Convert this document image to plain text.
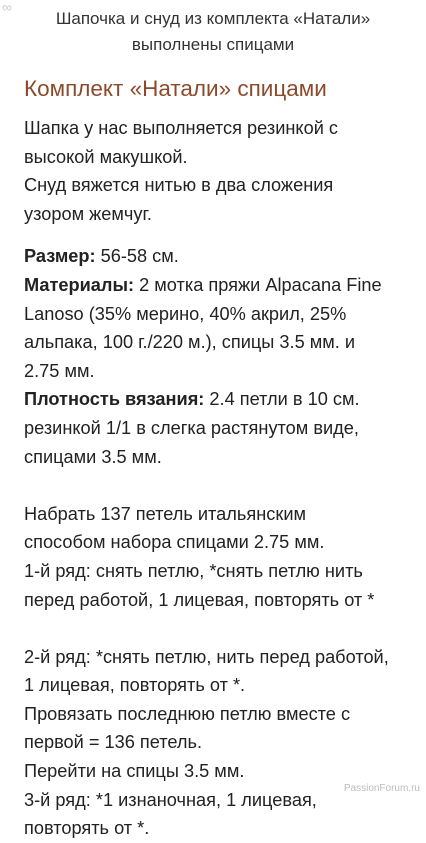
∞
Шапочка и снуд из комплекта «Натали»
выполнены спицами
Комплект «Натали» спицами
Шапка у нас выполняется резинкой с
высокой макушкой.
Снуд вяжется нитью в два сложения
узором жемчуг.
Размер: 56-58 см.
Материалы: 2 мотка пряжи Alpacana Fine
Lanoso (35% мерино, 40% акрил, 25%
альпака, 100 г./220 м.), спицы 3.5 мм. и
2.75 мм.
Плотность вязания: 2.4 петли в 10 см.
резинкой 1/1 в слегка растянутом виде,
спицами 3.5 мм.
Набрать 137 петель итальянским
способом набора спицами 2.75 мм.
1-й ряд: снять петлю, *снять петлю нить
перед работой, 1 лицевая, повторять от *
2-й ряд: *снять петлю, нить перед работой,
1 лицевая, повторять от *.
Провязать последнюю петлю вместе с
первой = 136 петель.
Перейти на спицы 3.5 мм.
3-й ряд: *1 изнаночная, 1 лицевая,
повторять от *.
PassionForum.ru
